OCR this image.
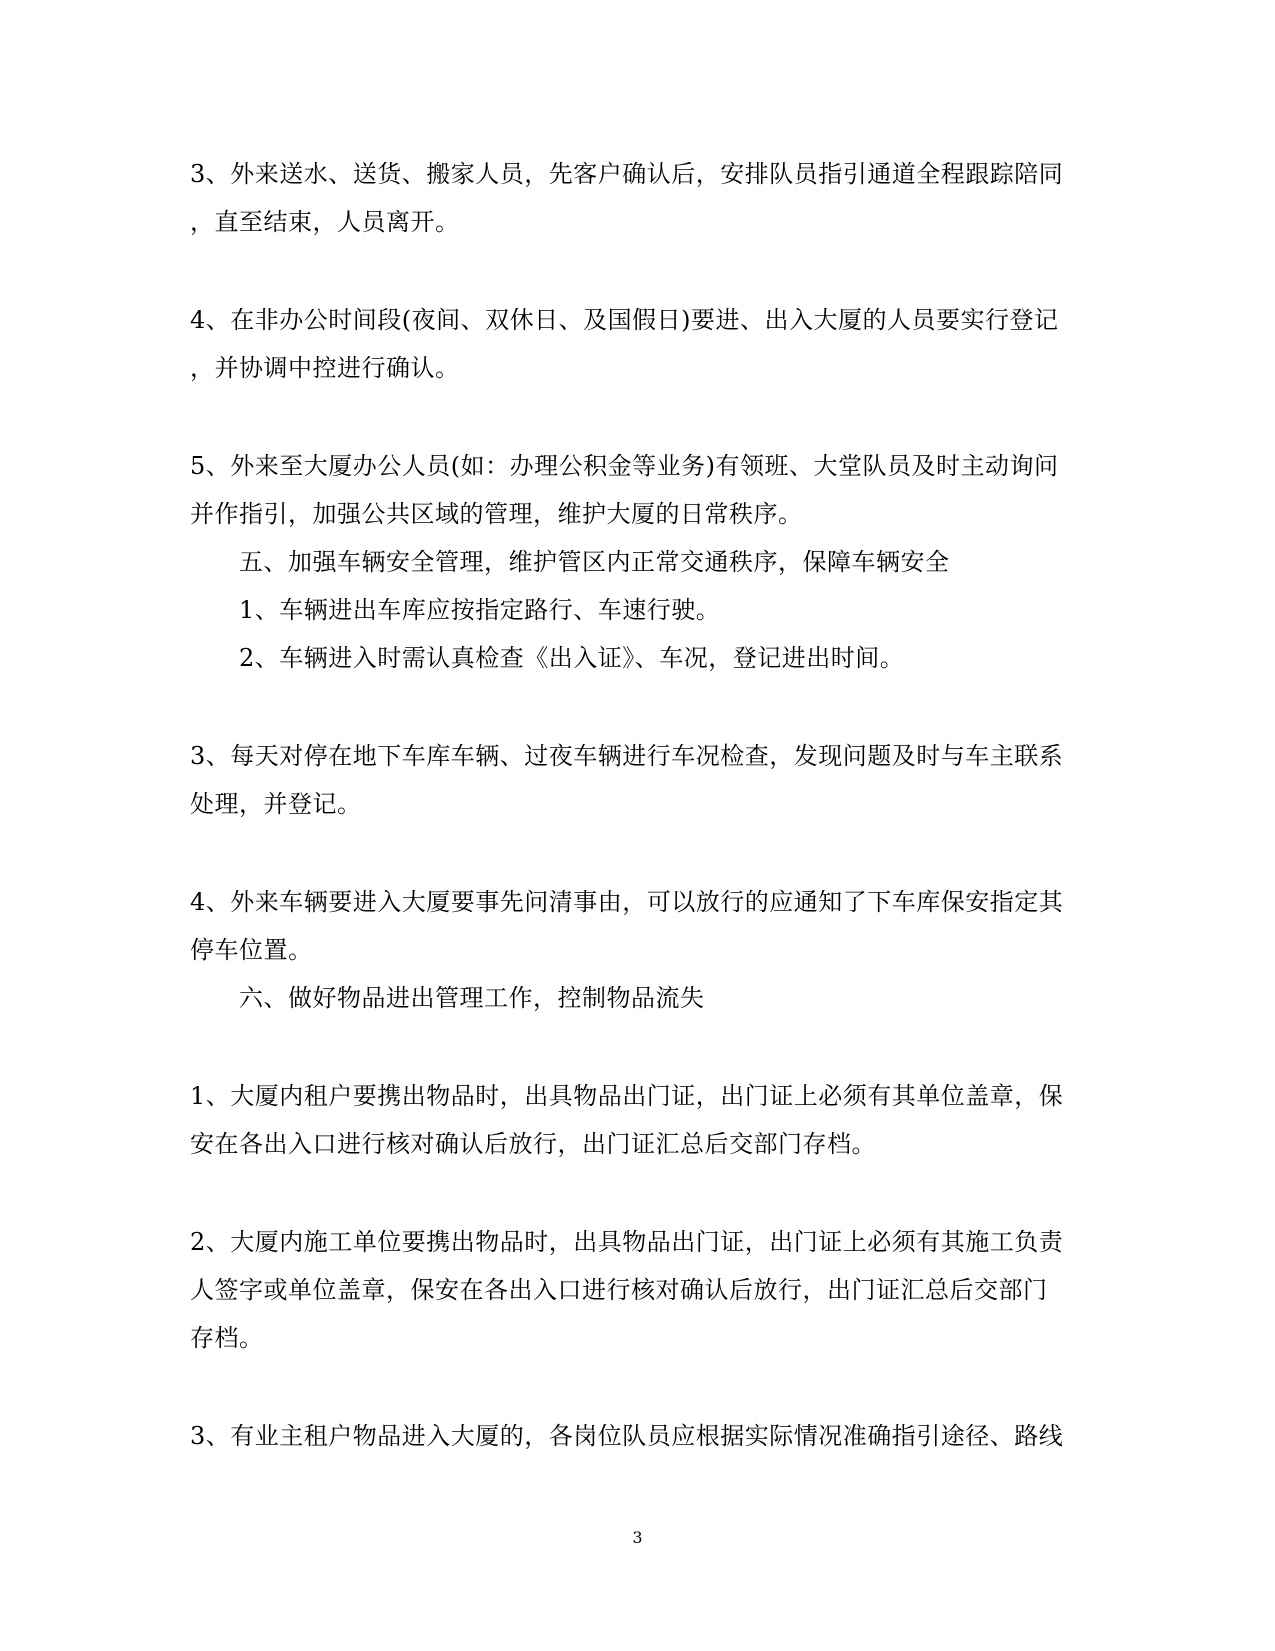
3、外来送水、送货、搬家人员，先客户确认后，安排队员指引通道全程跟踪陪同
，直至结束，人员离开。
4、在非办公时间段(夜间、双休日、及国假日)要进、出入大厦的人员要实行登记
，并协调中控进行确认。
5、外来至大厦办公人员(如：办理公积金等业务)有领班、大堂队员及时主动询问
并作指引，加强公共区域的管理，维护大厦的日常秩序。
五、加强车辆安全管理，维护管区内正常交通秩序，保障车辆安全
1、车辆进出车库应按指定路行、车速行驶。
2、车辆进入时需认真检查《出入证》、车况，登记进出时间。
3、每天对停在地下车库车辆、过夜车辆进行车况检查，发现问题及时与车主联系
处理，并登记。
4、外来车辆要进入大厦要事先问清事由，可以放行的应通知了下车库保安指定其
停车位置。
六、做好物品进出管理工作，控制物品流失
1、大厦内租户要携出物品时，出具物品出门证，出门证上必须有其单位盖章，保
安在各出入口进行核对确认后放行，出门证汇总后交部门存档。
2、大厦内施工单位要携出物品时，出具物品出门证，出门证上必须有其施工负责
人签字或单位盖章，保安在各出入口进行核对确认后放行，出门证汇总后交部门
存档。
3、有业主租户物品进入大厦的，各岗位队员应根据实际情况准确指引途径、路线
3
